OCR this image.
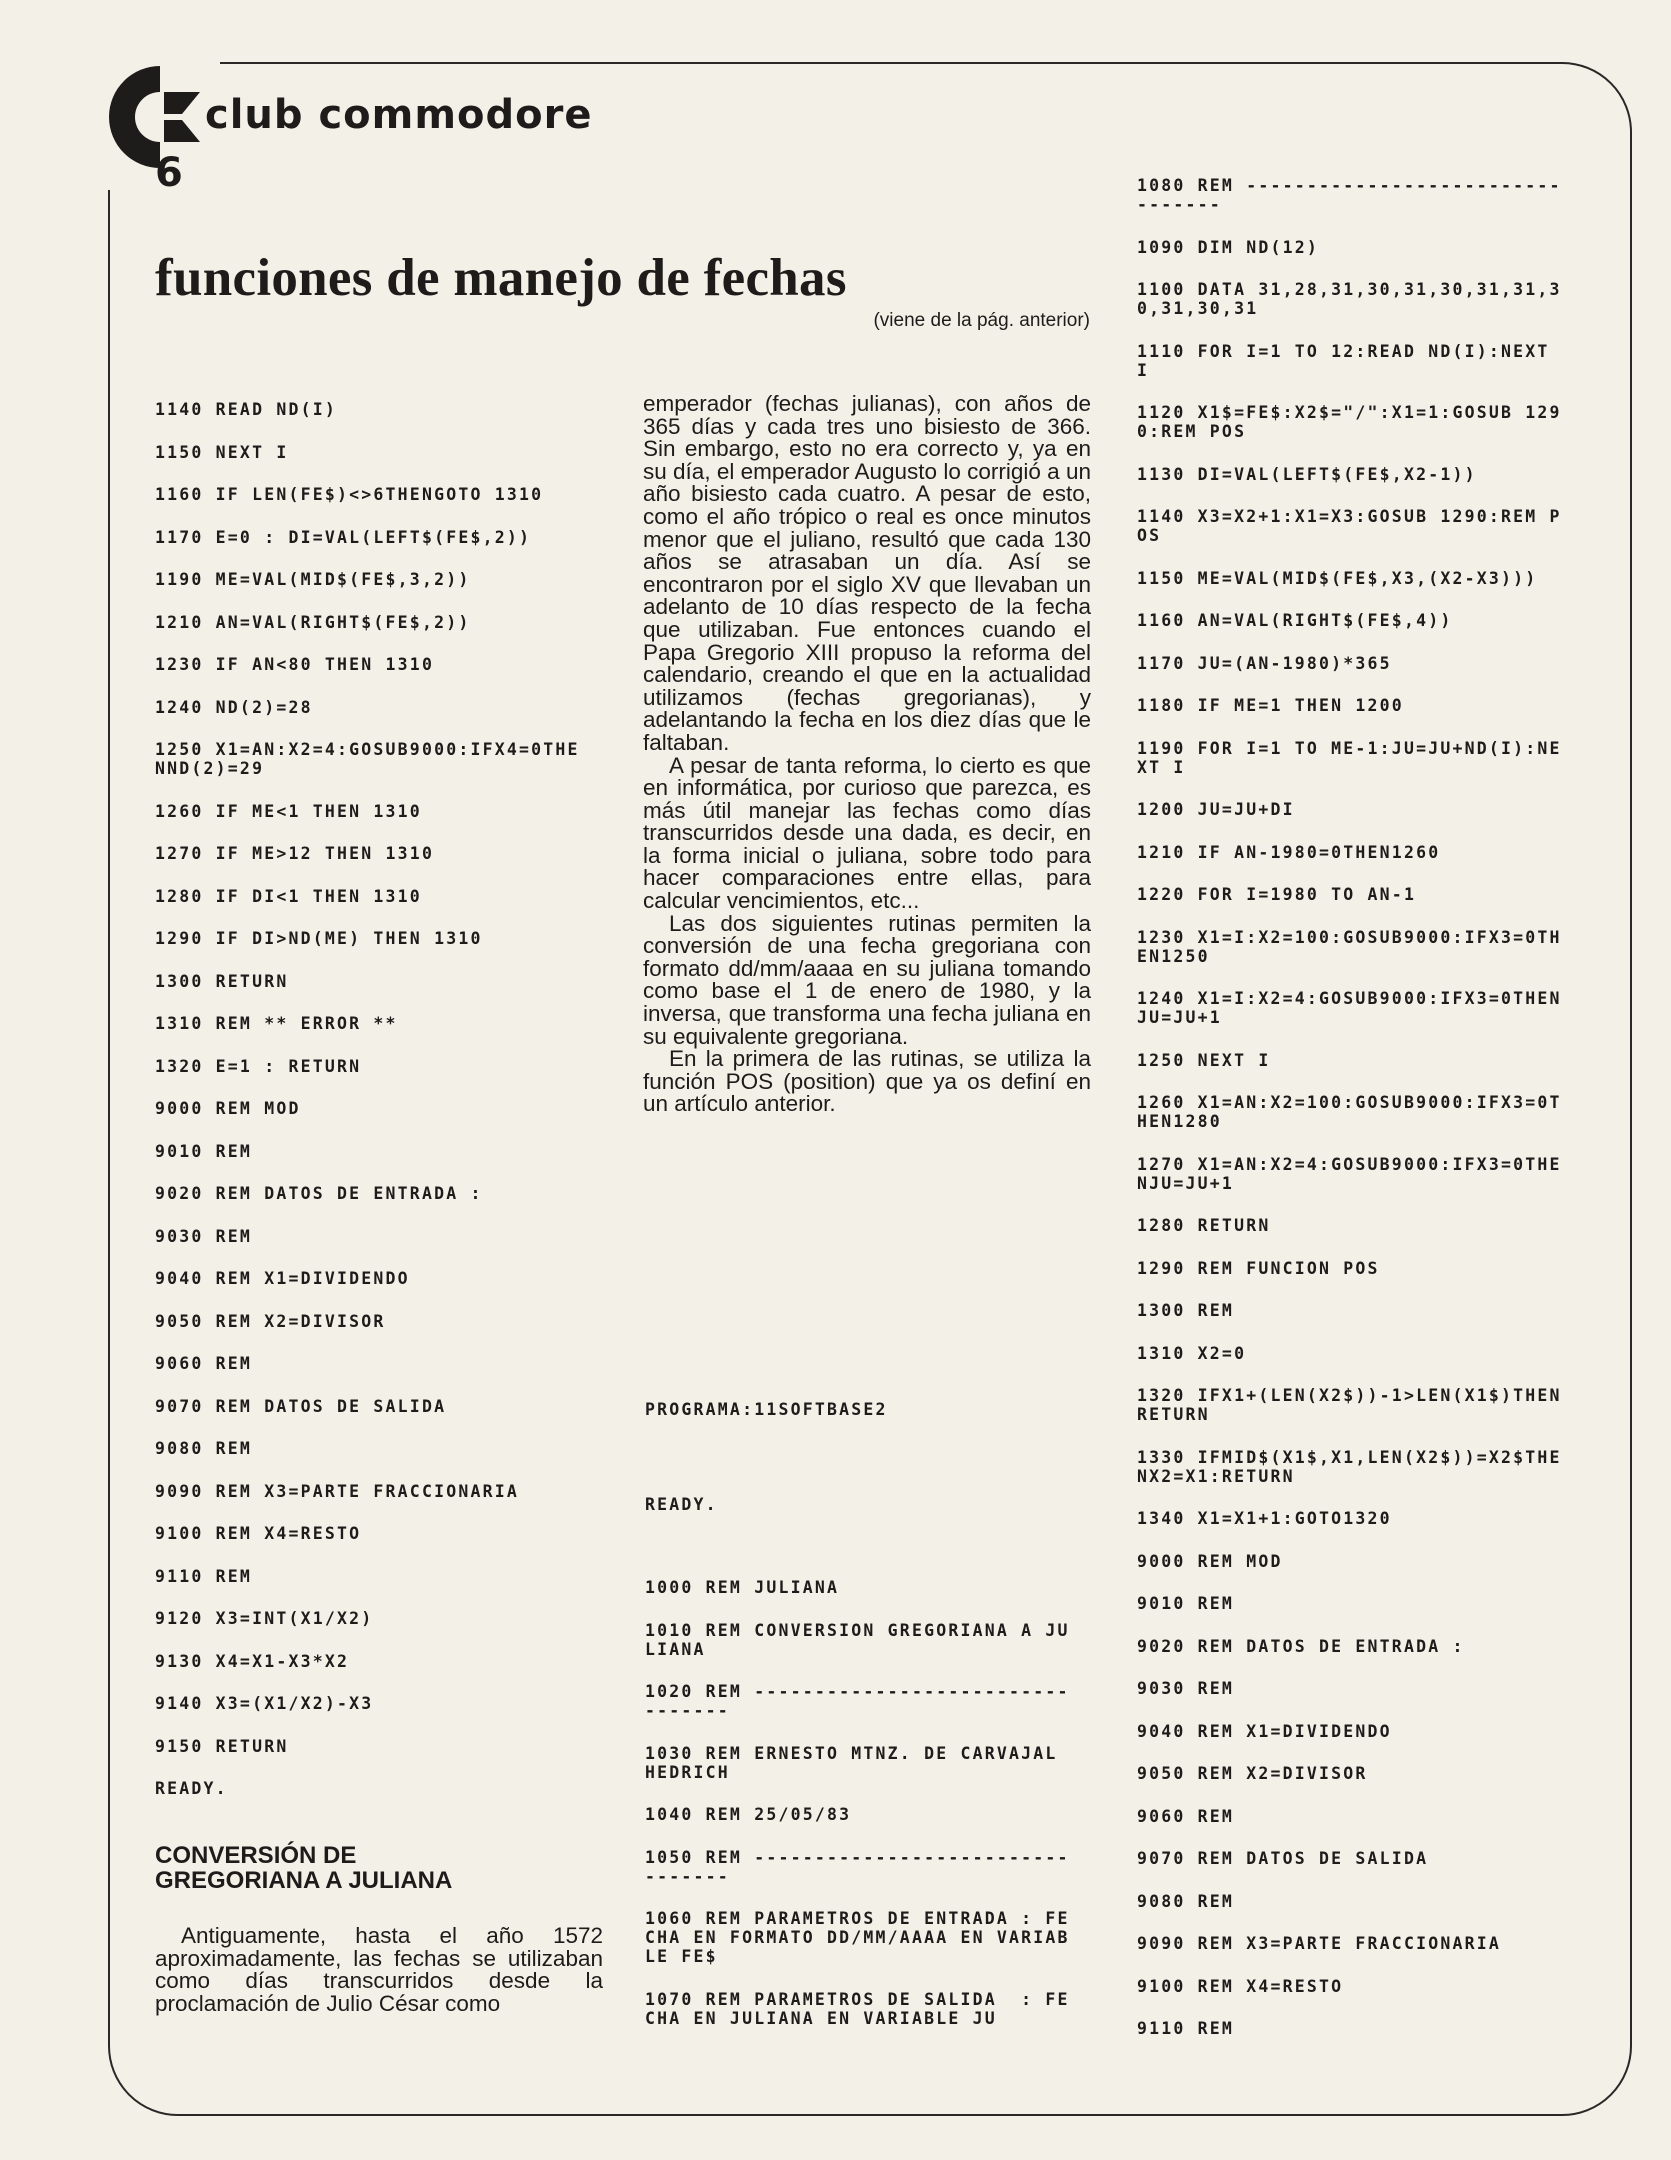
club commodore
6
funciones de manejo de fechas
(viene de la pág. anterior)
1140 READ ND(I)
1150 NEXT I
1160 IF LEN(FE$)<>6THENGOTO 1310
1170 E=0 : DI=VAL(LEFT$(FE$,2))
1190 ME=VAL(MID$(FE$,3,2))
1210 AN=VAL(RIGHT$(FE$,2))
1230 IF AN<80 THEN 1310
1240 ND(2)=28
1250 X1=AN:X2=4:GOSUB9000:IFX4=0THE
NND(2)=29
1260 IF ME<1 THEN 1310
1270 IF ME>12 THEN 1310
1280 IF DI<1 THEN 1310
1290 IF DI>ND(ME) THEN 1310
1300 RETURN
1310 REM ** ERROR **
1320 E=1 : RETURN
9000 REM MOD
9010 REM
9020 REM DATOS DE ENTRADA :
9030 REM
9040 REM X1=DIVIDENDO
9050 REM X2=DIVISOR
9060 REM
9070 REM DATOS DE SALIDA
9080 REM
9090 REM X3=PARTE FRACCIONARIA
9100 REM X4=RESTO
9110 REM
9120 X3=INT(X1/X2)
9130 X4=X1-X3*X2
9140 X3=(X1/X2)-X3
9150 RETURN
READY.
CONVERSIÓN DE
GREGORIANA A JULIANA

Antiguamente, hasta el año 1572 aproximadamente, las fechas se utilizaban como días transcurridos desde la proclamación de Julio César como

emperador (fechas julianas), con años de 365 días y cada tres uno bisiesto de 366. Sin embargo, esto no era correcto y, ya en su día, el emperador Augusto lo corrigió a un año bisiesto cada cuatro. A pesar de esto, como el año trópico o real es once minutos menor que el juliano, resultó que cada 130 años se atrasaban un día. Así se encontraron por el siglo XV que llevaban un adelanto de 10 días respecto de la fecha que utilizaban. Fue entonces cuando el Papa Gregorio XIII propuso la reforma del calendario, creando el que en la actualidad utilizamos (fechas gregorianas), y adelantando la fecha en los diez días que le faltaban.

A pesar de tanta reforma, lo cierto es que en informática, por curioso que parezca, es más útil manejar las fechas como días transcurridos desde una dada, es decir, en la forma inicial o juliana, sobre todo para hacer comparaciones entre ellas, para calcular vencimientos, etc...

Las dos siguientes rutinas permiten la conversión de una fecha gregoriana con formato dd/mm/aaaa en su juliana tomando como base el 1 de enero de 1980, y la inversa, que transforma una fecha juliana en su equivalente gregoriana.

En la primera de las rutinas, se utiliza la función POS (position) que ya os definí en un artículo anterior.

PROGRAMA:11SOFTBASE2
READY.
1000 REM JULIANA
1010 REM CONVERSION GREGORIANA A JU
LIANA
1020 REM --------------------------
-------
1030 REM ERNESTO MTNZ. DE CARVAJAL
HEDRICH
1040 REM 25/05/83
1050 REM --------------------------
-------
1060 REM PARAMETROS DE ENTRADA : FE
CHA EN FORMATO DD/MM/AAAA EN VARIAB
LE FE$
1070 REM PARAMETROS DE SALIDA  : FE
CHA EN JULIANA EN VARIABLE JU
1080 REM --------------------------
-------
1090 DIM ND(12)
1100 DATA 31,28,31,30,31,30,31,31,3
0,31,30,31
1110 FOR I=1 TO 12:READ ND(I):NEXT
I
1120 X1$=FE$:X2$="/":X1=1:GOSUB 129
0:REM POS
1130 DI=VAL(LEFT$(FE$,X2-1))
1140 X3=X2+1:X1=X3:GOSUB 1290:REM P
OS
1150 ME=VAL(MID$(FE$,X3,(X2-X3)))
1160 AN=VAL(RIGHT$(FE$,4))
1170 JU=(AN-1980)*365
1180 IF ME=1 THEN 1200
1190 FOR I=1 TO ME-1:JU=JU+ND(I):NE
XT I
1200 JU=JU+DI
1210 IF AN-1980=0THEN1260
1220 FOR I=1980 TO AN-1
1230 X1=I:X2=100:GOSUB9000:IFX3=0TH
EN1250
1240 X1=I:X2=4:GOSUB9000:IFX3=0THEN
JU=JU+1
1250 NEXT I
1260 X1=AN:X2=100:GOSUB9000:IFX3=0T
HEN1280
1270 X1=AN:X2=4:GOSUB9000:IFX3=0THE
NJU=JU+1
1280 RETURN
1290 REM FUNCION POS
1300 REM
1310 X2=0
1320 IFX1+(LEN(X2$))-1>LEN(X1$)THEN
RETURN
1330 IFMID$(X1$,X1,LEN(X2$))=X2$THE
NX2=X1:RETURN
1340 X1=X1+1:GOTO1320
9000 REM MOD
9010 REM
9020 REM DATOS DE ENTRADA :
9030 REM
9040 REM X1=DIVIDENDO
9050 REM X2=DIVISOR
9060 REM
9070 REM DATOS DE SALIDA
9080 REM
9090 REM X3=PARTE FRACCIONARIA
9100 REM X4=RESTO
9110 REM
